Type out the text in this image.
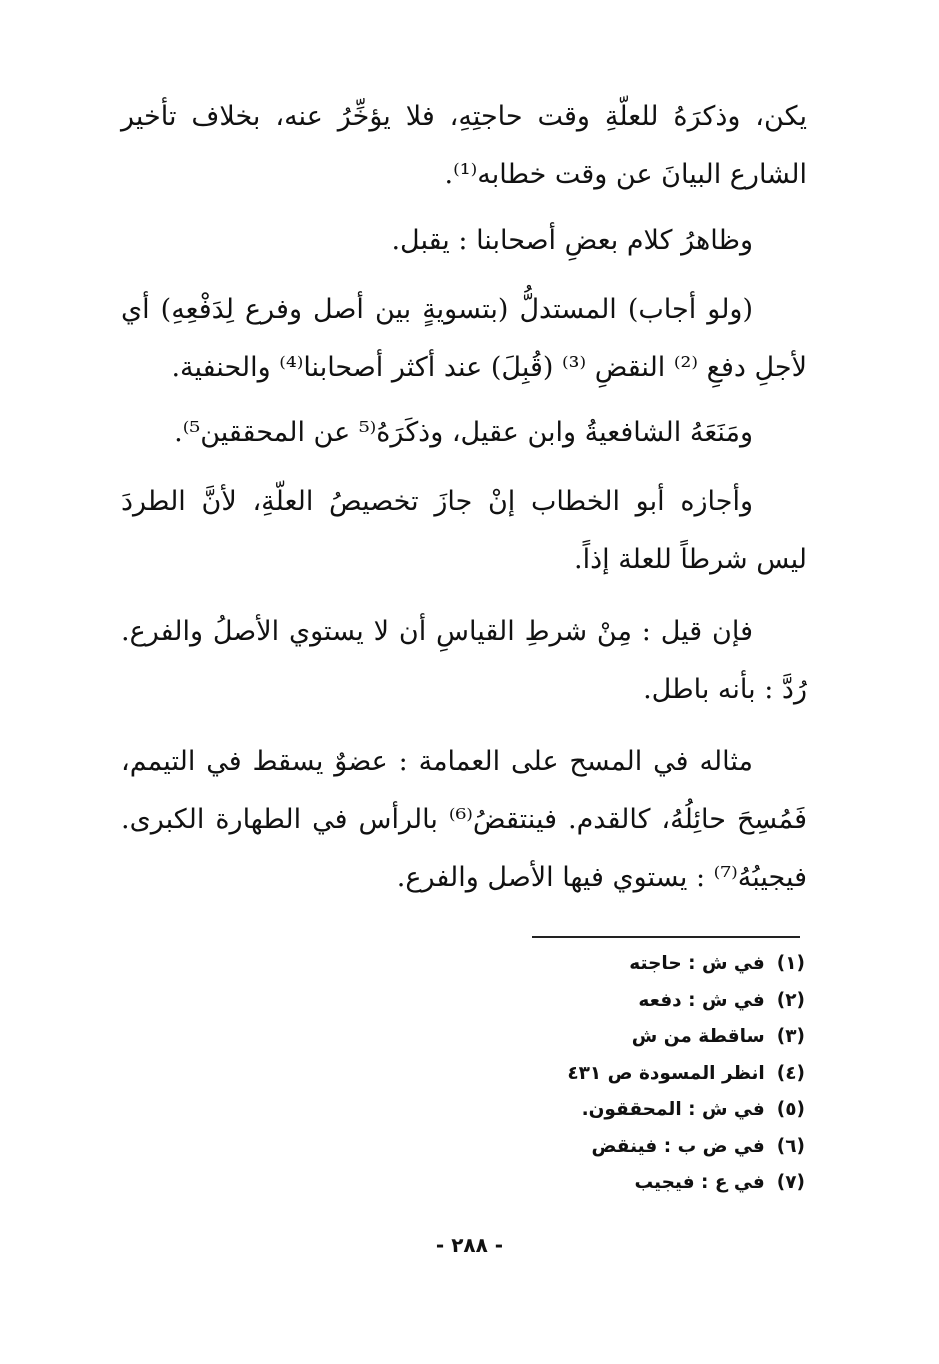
يكن، وذكرَهُ للعلّةِ وقت حاجتِهِ، فلا يؤخِّرُ عنه، بخلاف تأخير الشارع البيانَ عن وقت خطابه⁽¹⁾.

وظاهرُ كلام بعضِ أصحابنا : يقبل.

(ولو أجاب) المستدلُّ (بتسويةٍ بين أصل وفرع لِدَفْعِهِ) أي لأجلِ دفعِ ⁽²⁾ النقضِ ⁽³⁾ (قُبِلَ) عند أكثر أصحابنا⁽⁴⁾ والحنفية.

ومَنَعَهُ الشافعيةُ وابن عقيل، وذكَرَهُ⁽⁵ عن المحققين⁵⁾.

وأجازه أبو الخطاب إنْ جازَ تخصيصُ العلّةِ، لأنَّ الطردَ ليس شرطاً للعلة إذاً.

فإن قيل : مِنْ شرطِ القياسِ أن لا يستوي الأصلُ والفرع. رُدَّ : بأنه باطل.

مثاله في المسح على العمامة : عضوٌ يسقط في التيمم، فَمُسِحَ حائِلُهُ، كالقدم. فينتقضُ⁽⁶⁾ بالرأس في الطهارة الكبرى. فيجيبُهُ⁽⁷⁾ : يستوي فيها الأصل والفرع.

(١)
في ش : حاجته
(٢)
في ش : دفعه
(٣)
ساقطة من ش
(٤)
انظر المسودة ص ٤٣١
(٥)
في ش : المحققون.
(٦)
في ض ب : فينقض
(٧)
في ع : فيجيب
- ٢٨٨ -
